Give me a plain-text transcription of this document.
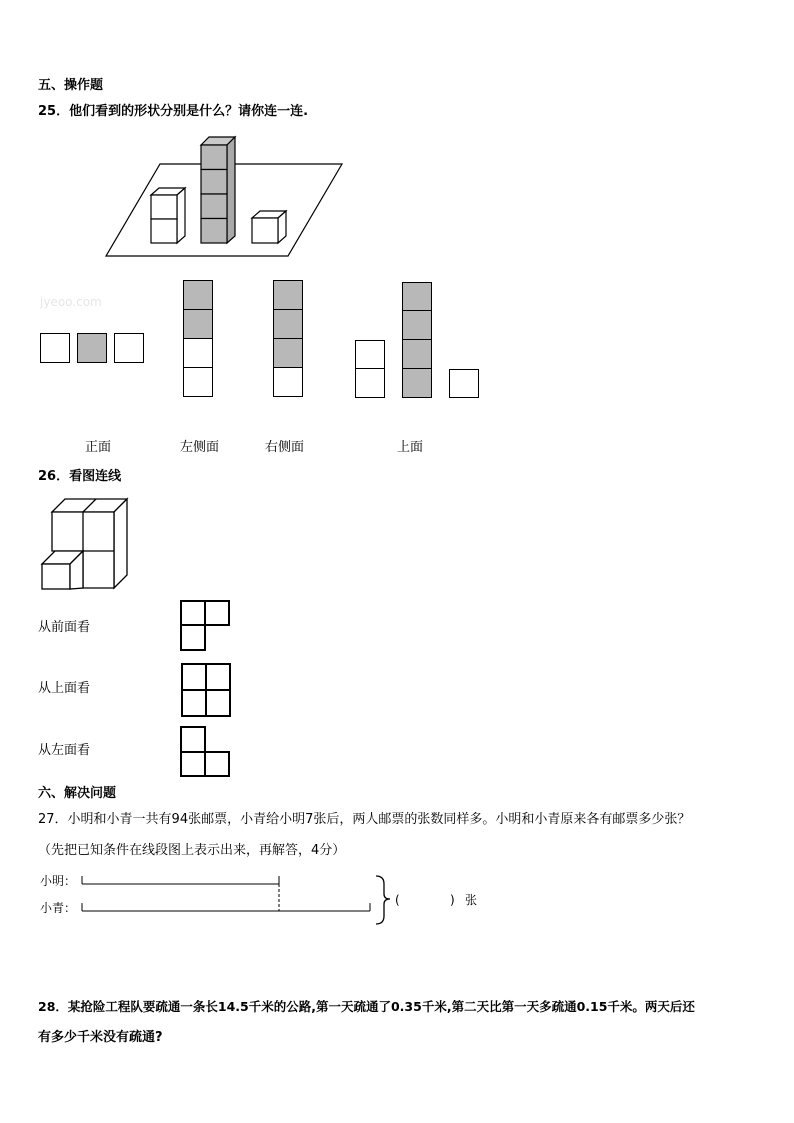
五、操作题
25．他们看到的形状分别是什么？请你连一连.
jyeoo.com
正面	左侧面	右侧面	上面
26．看图连线
从前面看
从上面看
从左面看
六、解决问题
27．小明和小青一共有94张邮票，小青给小明7张后，两人邮票的张数同样多。小明和小青原来各有邮票多少张？
（先把已知条件在线段图上表示出来，再解答，4分）
小明：
小青：
(	) 张
28．某抢险工程队要疏通一条长14.5千米的公路,第一天疏通了0.35千米,第二天比第一天多疏通0.15千米。两天后还
有多少千米没有疏通?
